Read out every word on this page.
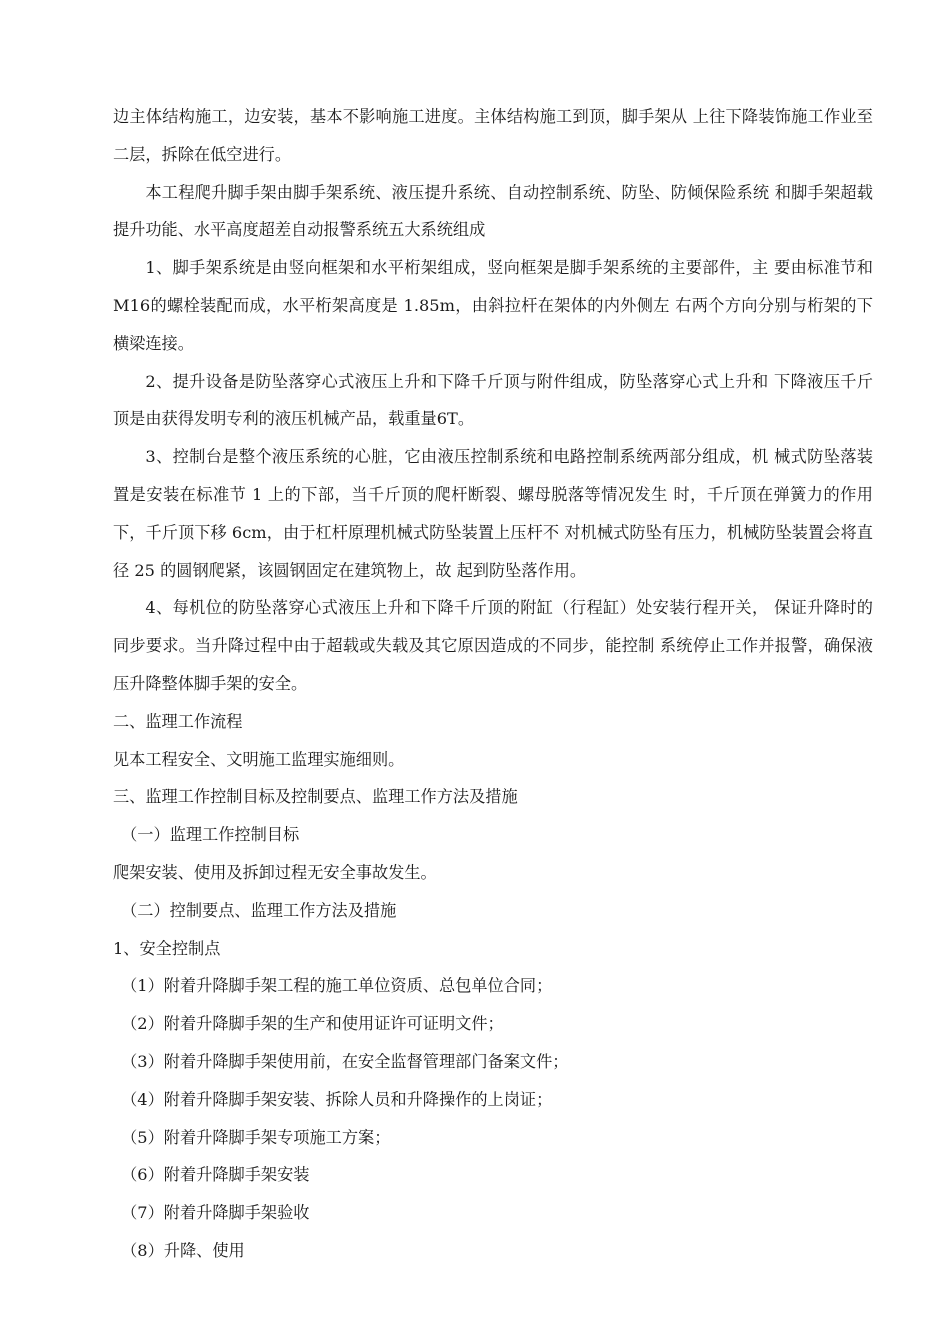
边主体结构施工，边安装，基本不影响施工进度。主体结构施工到顶，脚手架从 上往下降装饰施工作业至二层，拆除在低空进行。

本工程爬升脚手架由脚手架系统、液压提升系统、自动控制系统、防坠、防倾保险系统 和脚手架超载提升功能、水平高度超差自动报警系统五大系统组成

1、脚手架系统是由竖向框架和水平桁架组成，竖向框架是脚手架系统的主要部件，主 要由标准节和M16的螺栓装配而成，水平桁架高度是 1.85m，由斜拉杆在架体的内外侧左 右两个方向分别与桁架的下横梁连接。

2、提升设备是防坠落穿心式液压上升和下降千斤顶与附件组成，防坠落穿心式上升和 下降液压千斤顶是由获得发明专利的液压机械产品，载重量6T。

3、控制台是整个液压系统的心脏，它由液压控制系统和电路控制系统两部分组成，机 械式防坠落装置是安装在标准节 1 上的下部，当千斤顶的爬杆断裂、螺母脱落等情况发生 时，千斤顶在弹簧力的作用下，千斤顶下移 6cm，由于杠杆原理机械式防坠装置上压杆不 对机械式防坠有压力，机械防坠装置会将直径 25 的圆钢爬紧，该圆钢固定在建筑物上，故 起到防坠落作用。

4、每机位的防坠落穿心式液压上升和下降千斤顶的附缸（行程缸）处安装行程开关， 保证升降时的同步要求。当升降过程中由于超载或失载及其它原因造成的不同步，能控制 系统停止工作并报警，确保液压升降整体脚手架的安全。

二、监理工作流程

见本工程安全、文明施工监理实施细则。

三、监理工作控制目标及控制要点、监理工作方法及措施

（一）监理工作控制目标

爬架安装、使用及拆卸过程无安全事故发生。

（二）控制要点、监理工作方法及措施

1、安全控制点

（1）附着升降脚手架工程的施工单位资质、总包单位合同；

（2）附着升降脚手架的生产和使用证许可证明文件；

（3）附着升降脚手架使用前，在安全监督管理部门备案文件；

（4）附着升降脚手架安装、拆除人员和升降操作的上岗证；

（5）附着升降脚手架专项施工方案；

（6）附着升降脚手架安装

（7）附着升降脚手架验收

（8）升降、使用
